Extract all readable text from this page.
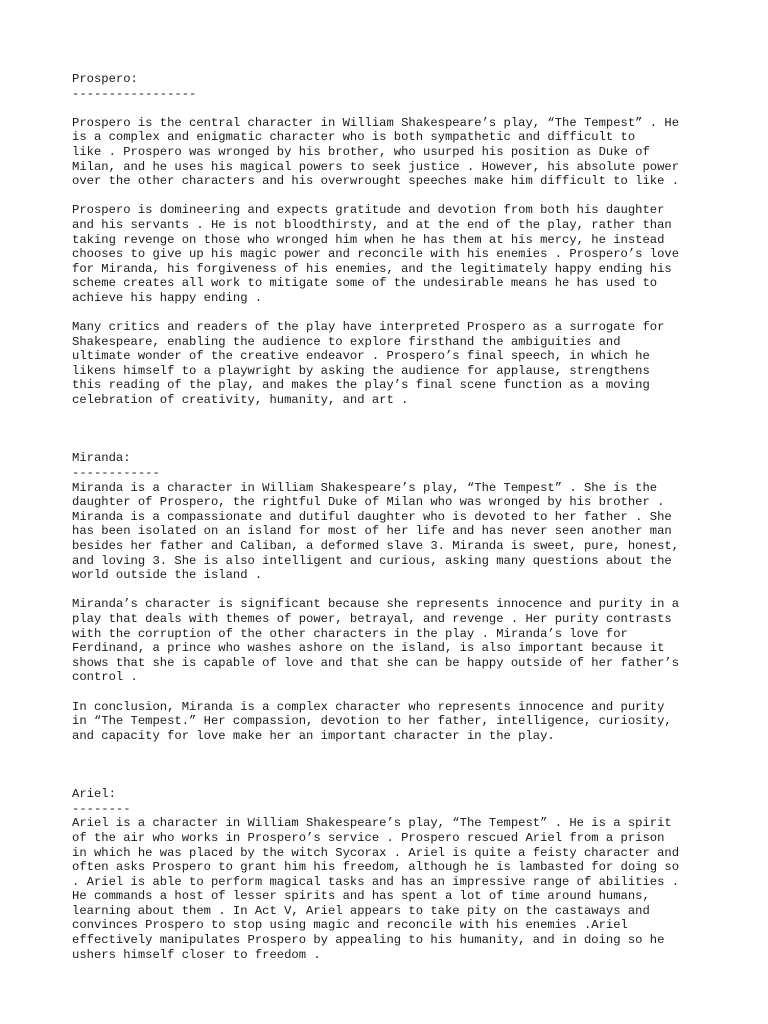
Prospero:
-----------------
Prospero is the central character in William Shakespeare’s play, “The Tempest” . He
is a complex and enigmatic character who is both sympathetic and difficult to
like . Prospero was wronged by his brother, who usurped his position as Duke of
Milan, and he uses his magical powers to seek justice . However, his absolute power
over the other characters and his overwrought speeches make him difficult to like .
Prospero is domineering and expects gratitude and devotion from both his daughter
and his servants . He is not bloodthirsty, and at the end of the play, rather than
taking revenge on those who wronged him when he has them at his mercy, he instead
chooses to give up his magic power and reconcile with his enemies . Prospero’s love
for Miranda, his forgiveness of his enemies, and the legitimately happy ending his
scheme creates all work to mitigate some of the undesirable means he has used to
achieve his happy ending .
Many critics and readers of the play have interpreted Prospero as a surrogate for
Shakespeare, enabling the audience to explore firsthand the ambiguities and
ultimate wonder of the creative endeavor . Prospero’s final speech, in which he
likens himself to a playwright by asking the audience for applause, strengthens
this reading of the play, and makes the play’s final scene function as a moving
celebration of creativity, humanity, and art .
Miranda:
------------
Miranda is a character in William Shakespeare’s play, “The Tempest” . She is the
daughter of Prospero, the rightful Duke of Milan who was wronged by his brother .
Miranda is a compassionate and dutiful daughter who is devoted to her father . She
has been isolated on an island for most of her life and has never seen another man
besides her father and Caliban, a deformed slave 3. Miranda is sweet, pure, honest,
and loving 3. She is also intelligent and curious, asking many questions about the
world outside the island .
Miranda’s character is significant because she represents innocence and purity in a
play that deals with themes of power, betrayal, and revenge . Her purity contrasts
with the corruption of the other characters in the play . Miranda’s love for
Ferdinand, a prince who washes ashore on the island, is also important because it
shows that she is capable of love and that she can be happy outside of her father’s
control .
In conclusion, Miranda is a complex character who represents innocence and purity
in “The Tempest.” Her compassion, devotion to her father, intelligence, curiosity,
and capacity for love make her an important character in the play.
Ariel:
--------
Ariel is a character in William Shakespeare’s play, “The Tempest” . He is a spirit
of the air who works in Prospero’s service . Prospero rescued Ariel from a prison
in which he was placed by the witch Sycorax . Ariel is quite a feisty character and
often asks Prospero to grant him his freedom, although he is lambasted for doing so
. Ariel is able to perform magical tasks and has an impressive range of abilities .
He commands a host of lesser spirits and has spent a lot of time around humans,
learning about them . In Act V, Ariel appears to take pity on the castaways and
convinces Prospero to stop using magic and reconcile with his enemies .Ariel
effectively manipulates Prospero by appealing to his humanity, and in doing so he
ushers himself closer to freedom .
